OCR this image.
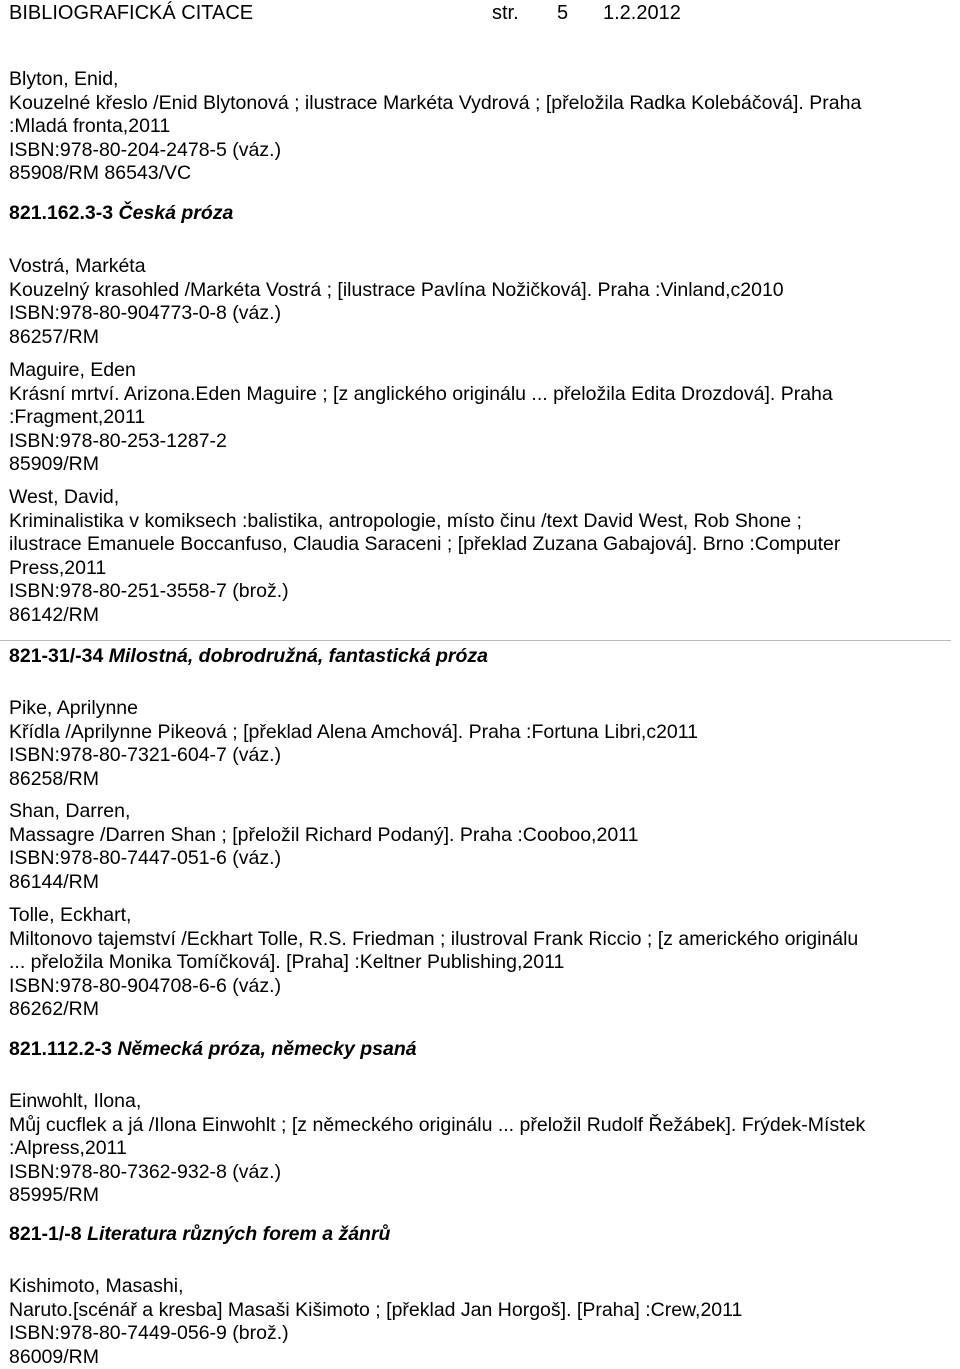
BIBLIOGRAFICKÁ CITACE	str. 5 1.2.2012
Blyton, Enid,
Kouzelné křeslo /Enid Blytonová ; ilustrace Markéta Vydrová ; [přeložila Radka Kolebáčová]. Praha
:Mladá fronta,2011
ISBN:978-80-204-2478-5 (váz.)
85908/RM 86543/VC
821.162.3-3 Česká próza
Vostrá, Markéta
Kouzelný krasohled /Markéta Vostrá ; [ilustrace Pavlína Nožičková]. Praha :Vinland,c2010
ISBN:978-80-904773-0-8 (váz.)
86257/RM
Maguire, Eden
Krásní mrtví. Arizona.Eden Maguire ; [z anglického originálu ... přeložila Edita Drozdová]. Praha
:Fragment,2011
ISBN:978-80-253-1287-2
85909/RM
West, David,
Kriminalistika v komiksech :balistika, antropologie, místo činu /text David West, Rob Shone ;
ilustrace Emanuele Boccanfuso, Claudia Saraceni ; [překlad Zuzana Gabajová]. Brno :Computer
Press,2011
ISBN:978-80-251-3558-7 (brož.)
86142/RM
821-31/-34 Milostná, dobrodružná, fantastická próza
Pike, Aprilynne
Křídla /Aprilynne Pikeová ; [překlad Alena Amchová]. Praha :Fortuna Libri,c2011
ISBN:978-80-7321-604-7 (váz.)
86258/RM
Shan, Darren,
Massagre /Darren Shan ; [přeložil Richard Podaný]. Praha :Cooboo,2011
ISBN:978-80-7447-051-6 (váz.)
86144/RM
Tolle, Eckhart,
Miltonovo tajemství /Eckhart Tolle, R.S. Friedman ; ilustroval Frank Riccio ; [z amerického originálu
... přeložila Monika Tomíčková]. [Praha] :Keltner Publishing,2011
ISBN:978-80-904708-6-6 (váz.)
86262/RM
821.112.2-3 Německá próza, německy psaná
Einwohlt, Ilona,
Můj cucflek a já /Ilona Einwohlt ; [z německého originálu ... přeložil Rudolf Řežábek]. Frýdek-Místek
:Alpress,2011
ISBN:978-80-7362-932-8 (váz.)
85995/RM
821-1/-8 Literatura různých forem a žánrů
Kishimoto, Masashi,
Naruto.[scénář a kresba] Masaši Kišimoto ; [překlad Jan Horgoš]. [Praha] :Crew,2011
ISBN:978-80-7449-056-9 (brož.)
86009/RM
